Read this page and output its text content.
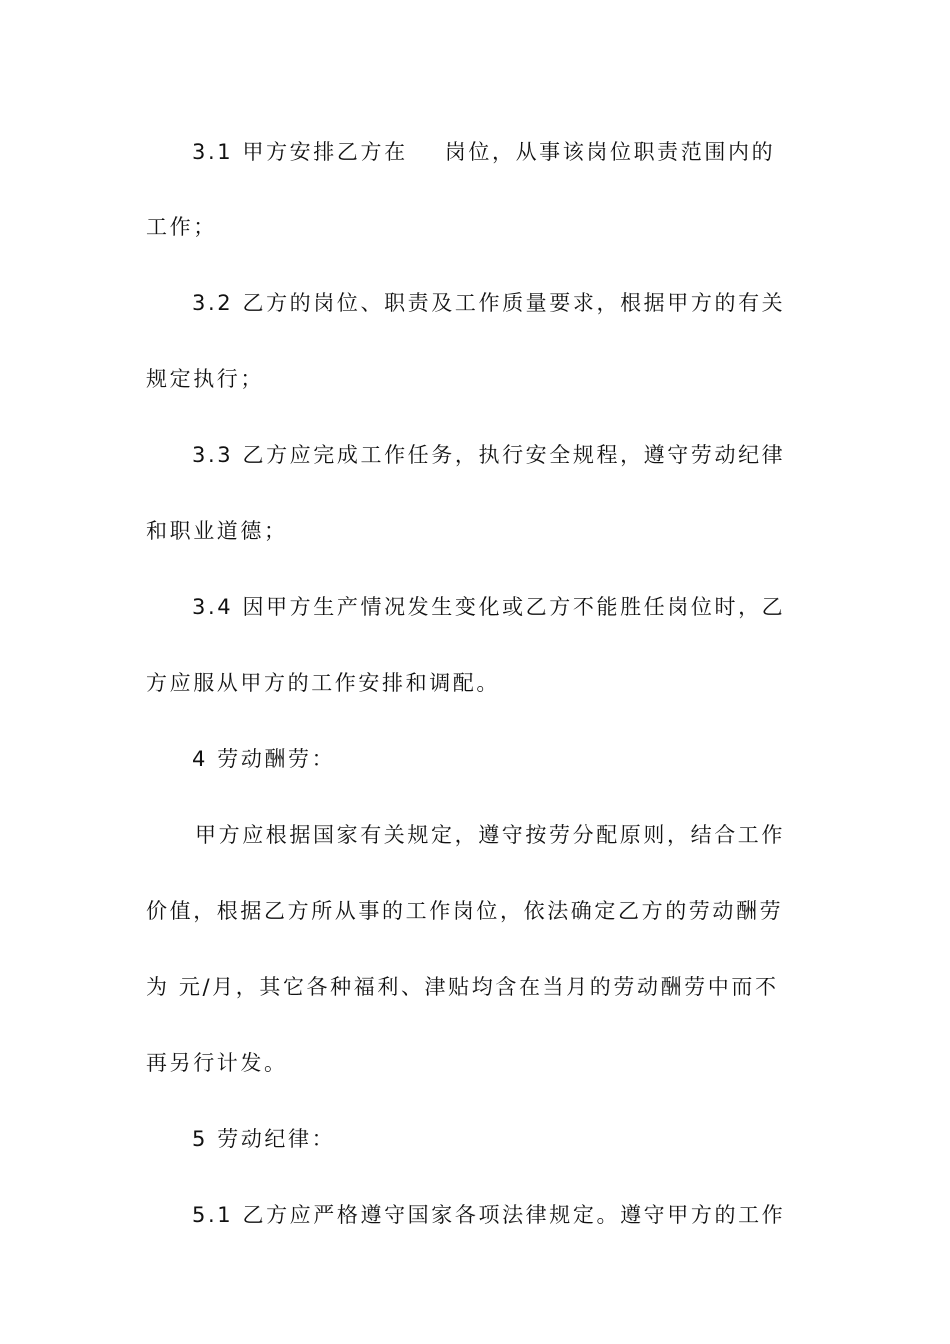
3.1 甲方安排乙方在    岗位，从事该岗位职责范围内的
工作；
3.2 乙方的岗位、职责及工作质量要求，根据甲方的有关
规定执行；
3.3 乙方应完成工作任务，执行安全规程，遵守劳动纪律
和职业道德；
3.4 因甲方生产情况发生变化或乙方不能胜任岗位时，乙
方应服从甲方的工作安排和调配。
4 劳动酬劳：
甲方应根据国家有关规定，遵守按劳分配原则，结合工作
价值，根据乙方所从事的工作岗位，依法确定乙方的劳动酬劳
为 元/月，其它各种福利、津贴均含在当月的劳动酬劳中而不
再另行计发。
5 劳动纪律：
5.1 乙方应严格遵守国家各项法律规定。遵守甲方的工作
